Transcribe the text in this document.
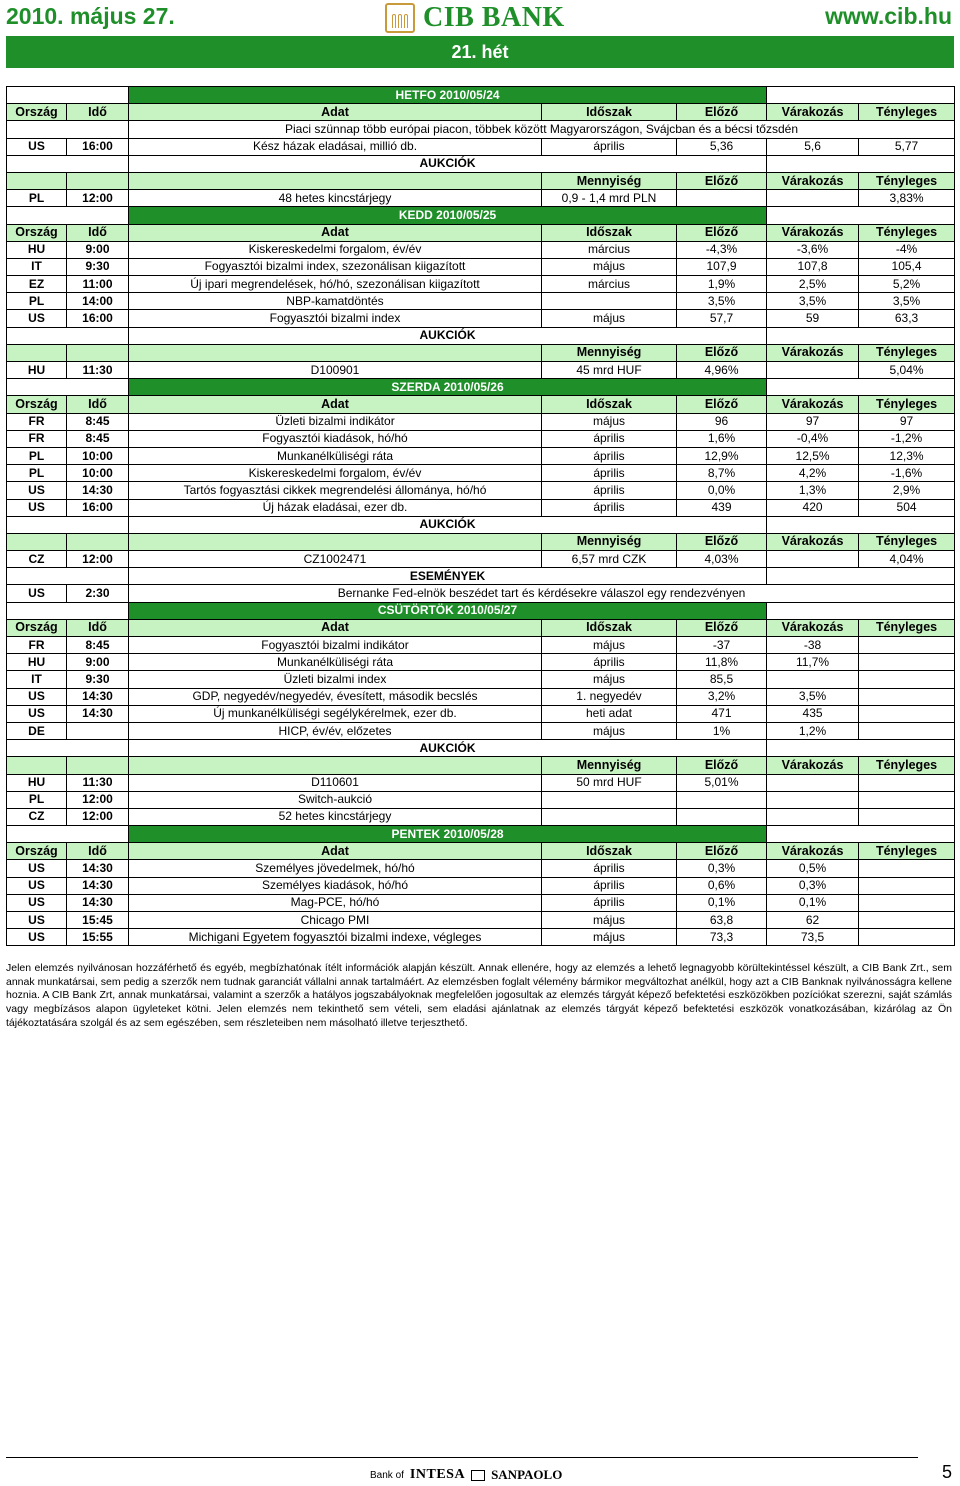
2010. május 27.	CIB BANK	www.cib.hu
21. hét
		HETFO 2010/05/24				
Ország	Idő	Adat	Időszak	Előző	Várakozás	Tényleges
		Piaci szünnap több európai piacon, többek között Magyarországon, Svájcban és a bécsi tőzsdén				
US	16:00	Kész házak eladásai, millió db.	április	5,36	5,6	5,77
		AUKCIÓK				
			Mennyiség	Előző	Várakozás	Tényleges
PL	12:00	48 hetes kincstárjegy	0,9 - 1,4 mrd PLN			3,83%
		KEDD 2010/05/25				
Ország	Idő	Adat	Időszak	Előző	Várakozás	Tényleges
HU	9:00	Kiskereskedelmi forgalom, év/év	március	-4,3%	-3,6%	-4%
IT	9:30	Fogyasztói bizalmi index, szezonálisan kiigazított	május	107,9	107,8	105,4
EZ	11:00	Új ipari megrendelések, hó/hó, szezonálisan kiigazított	március	1,9%	2,5%	5,2%
PL	14:00	NBP-kamatdöntés		3,5%	3,5%	3,5%
US	16:00	Fogyasztói bizalmi index	május	57,7	59	63,3
		AUKCIÓK				
			Mennyiség	Előző	Várakozás	Tényleges
HU	11:30	D100901	45 mrd HUF	4,96%		5,04%
		SZERDA 2010/05/26				
Ország	Idő	Adat	Időszak	Előző	Várakozás	Tényleges
FR	8:45	Üzleti bizalmi indikátor	május	96	97	97
FR	8:45	Fogyasztói kiadások, hó/hó	április	1,6%	-0,4%	-1,2%
PL	10:00	Munkanélküliségi ráta	április	12,9%	12,5%	12,3%
PL	10:00	Kiskereskedelmi forgalom, év/év	április	8,7%	4,2%	-1,6%
US	14:30	Tartós fogyasztási cikkek megrendelési állománya, hó/hó	április	0,0%	1,3%	2,9%
US	16:00	Új házak eladásai, ezer db.	április	439	420	504
		AUKCIÓK				
			Mennyiség	Előző	Várakozás	Tényleges
CZ	12:00	CZ1002471	6,57 mrd CZK	4,03%		4,04%
		ESEMÉNYEK				
US	2:30	Bernanke Fed-elnök beszédet tart és kérdésekre válaszol egy rendezvényen				
		CSÜTÖRTÖK 2010/05/27				
Ország	Idő	Adat	Időszak	Előző	Várakozás	Tényleges
FR	8:45	Fogyasztói bizalmi indikátor	május	-37	-38	
HU	9:00	Munkanélküliségi ráta	április	11,8%	11,7%	
IT	9:30	Üzleti bizalmi index	május	85,5		
US	14:30	GDP, negyedév/negyedév, évesített, második becslés	1. negyedév	3,2%	3,5%	
US	14:30	Új munkanélküliségi segélykérelmek, ezer db.	heti adat	471	435	
DE		HICP, év/év, előzetes	május	1%	1,2%	
		AUKCIÓK				
			Mennyiség	Előző	Várakozás	Tényleges
HU	11:30	D110601	50 mrd HUF	5,01%		
PL	12:00	Switch-aukció				
CZ	12:00	52 hetes kincstárjegy				
		PENTEK 2010/05/28				
Ország	Idő	Adat	Időszak	Előző	Várakozás	Tényleges
US	14:30	Személyes jövedelmek, hó/hó	április	0,3%	0,5%	
US	14:30	Személyes kiadások, hó/hó	április	0,6%	0,3%	
US	14:30	Mag-PCE, hó/hó	április	0,1%	0,1%	
US	15:45	Chicago PMI	május	63,8	62	
US	15:55	Michigani Egyetem fogyasztói bizalmi indexe, végleges	május	73,3	73,5	
Jelen elemzés nyilvánosan hozzáférhető és egyéb, megbízhatónak ítélt információk alapján készült. Annak ellenére, hogy az elemzés a lehető legnagyobb körültekintéssel készült, a CIB Bank Zrt., sem annak munkatársai, sem pedig a szerzők nem tudnak garanciát vállalni annak tartalmáért. Az elemzésben foglalt vélemény bármikor megváltozhat anélkül, hogy azt a CIB Banknak nyilvánosságra kellene hoznia. A CIB Bank Zrt, annak munkatársai, valamint a szerzők a hatályos jogszabályoknak megfelelően jogosultak az elemzés tárgyát képező befektetési eszközökben pozíciókat szerezni, saját számlás vagy megbízásos alapon ügyleteket kötni. Jelen elemzés nem tekinthető sem vételi, sem eladási ajánlatnak az elemzés tárgyát képező befektetési eszközök vonatkozásában, kizárólag az Ön tájékoztatására szolgál és az sem egészében, sem részleteiben nem másolható illetve terjeszthető.
Bank of INTESA SANPAOLO	5
